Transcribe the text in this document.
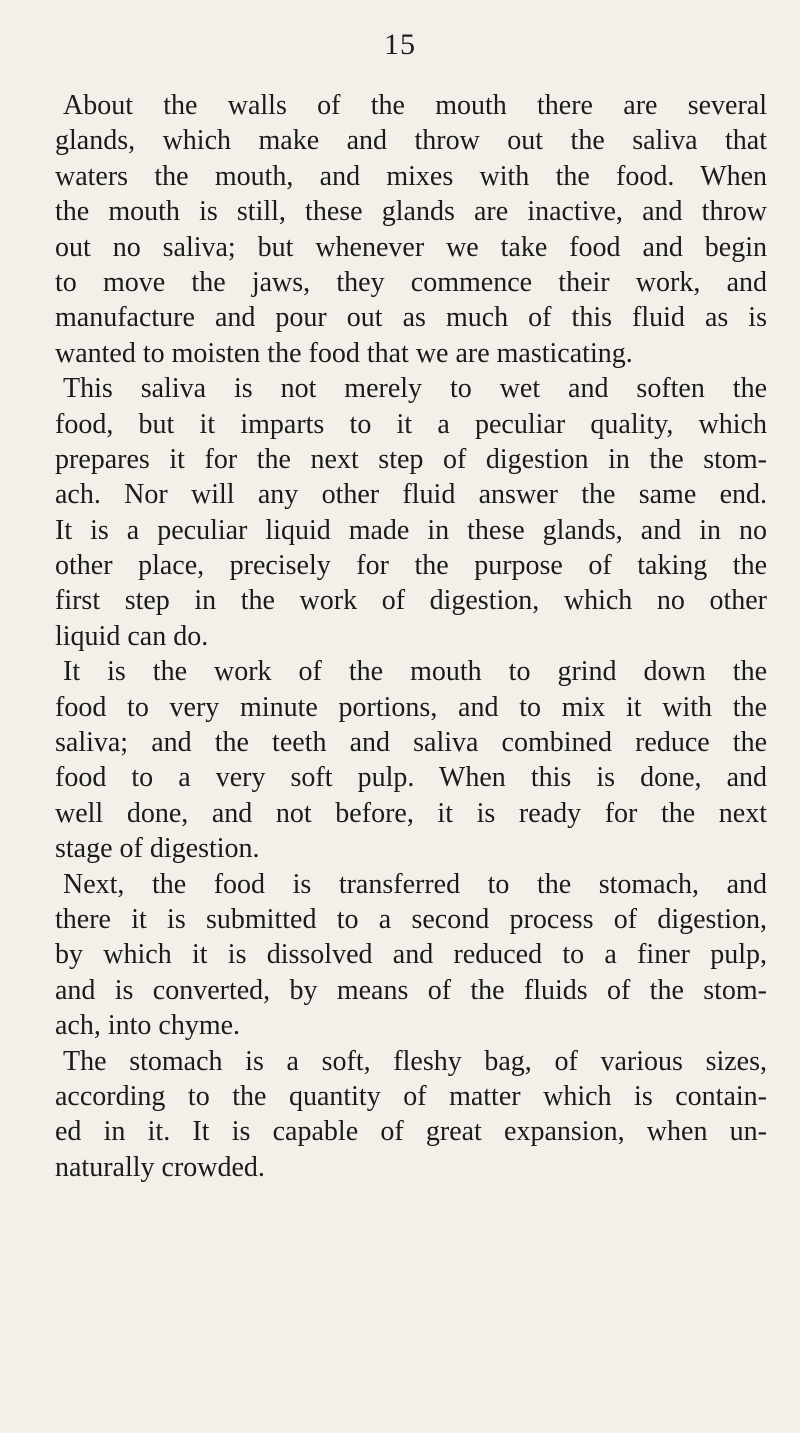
15
About the walls of the mouth there are several
glands, which make and throw out the saliva that
waters the mouth, and mixes with the food. When
the mouth is still, these glands are inactive, and throw
out no saliva; but whenever we take food and begin
to move the jaws, they commence their work, and
manufacture and pour out as much of this fluid as is
wanted to moisten the food that we are masticating.
This saliva is not merely to wet and soften the
food, but it imparts to it a peculiar quality, which
prepares it for the next step of digestion in the stom-
ach. Nor will any other fluid answer the same end.
It is a peculiar liquid made in these glands, and in no
other place, precisely for the purpose of taking the
first step in the work of digestion, which no other
liquid can do.
It is the work of the mouth to grind down the
food to very minute portions, and to mix it with the
saliva; and the teeth and saliva combined reduce the
food to a very soft pulp. When this is done, and
well done, and not before, it is ready for the next
stage of digestion.
Next, the food is transferred to the stomach, and
there it is submitted to a second process of digestion,
by which it is dissolved and reduced to a finer pulp,
and is converted, by means of the fluids of the stom-
ach, into chyme.
The stomach is a soft, fleshy bag, of various sizes,
according to the quantity of matter which is contain-
ed in it. It is capable of great expansion, when un-
naturally crowded.
